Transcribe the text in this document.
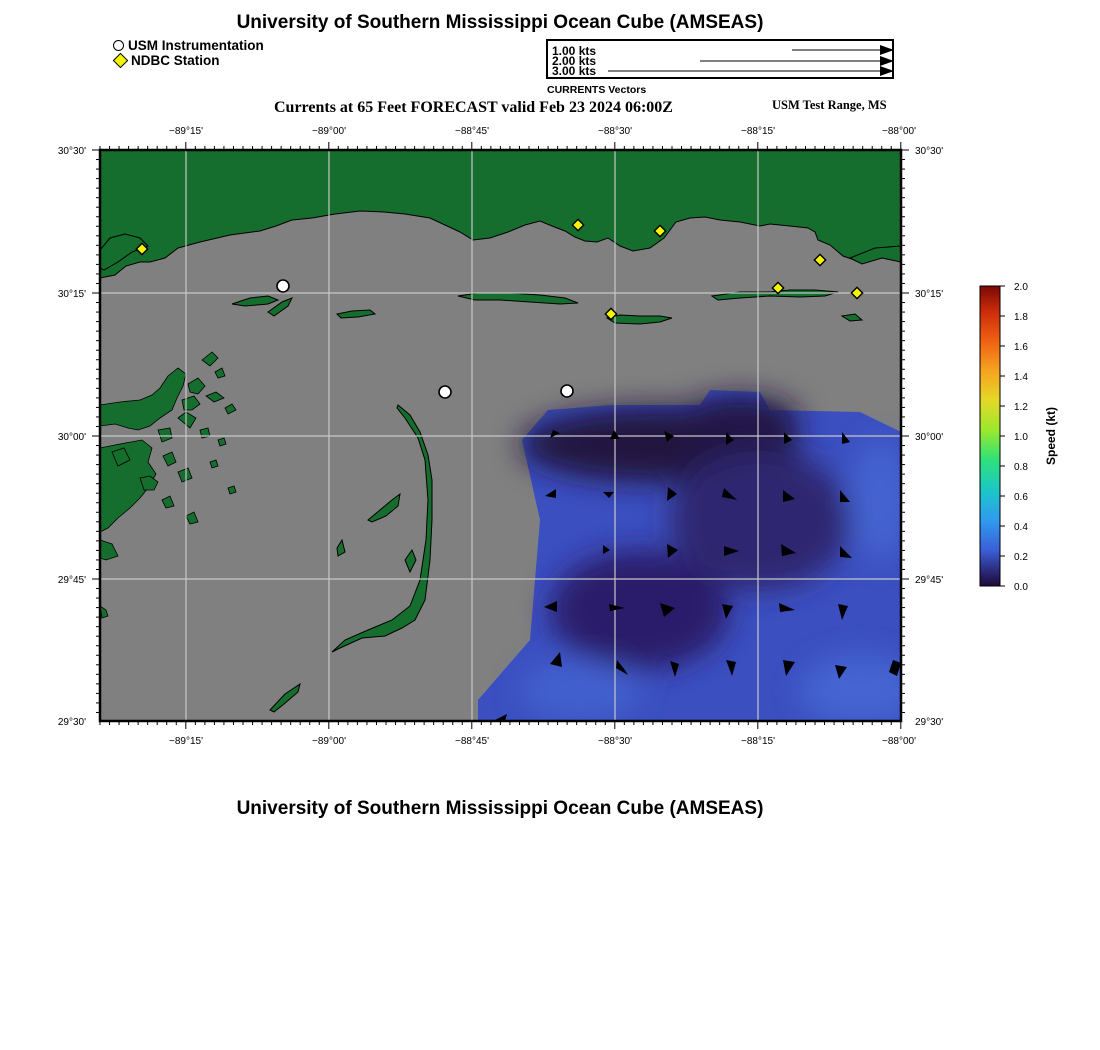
University of Southern Mississippi Ocean Cube (AMSEAS)
USM Instrumentation
NDBC Station
1.00 kts
2.00 kts
3.00 kts
CURRENTS Vectors
Currents at 65 Feet FORECAST valid Feb 23 2024 06:00Z	USM Test Range, MS
−89°15'	−89°00'	−88°45'	−88°30'	−88°15'	−88°00'
−89°15'	−89°00'	−88°45'	−88°30'	−88°15'	−88°00'
30°30'
30°15'
30°00'
29°45'
29°30'
30°30'
30°15'
30°00'
29°45'
29°30'
2.0
1.8
1.6
1.4
1.2
1.0
0.8
0.6
0.4
0.2
0.0
Speed (kt)
University of Southern Mississippi Ocean Cube (AMSEAS)
